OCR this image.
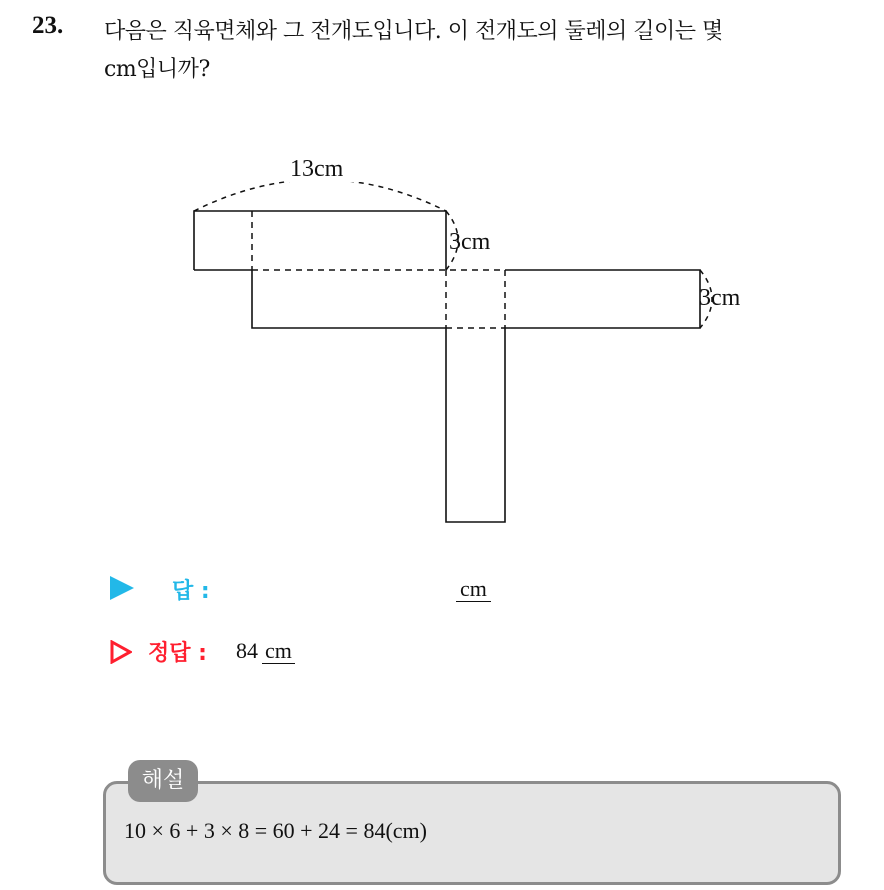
23. 다음은 직육면체와 그 전개도입니다. 이 전개도의 둘레의 길이는 몇
cm입니까?
13cm
3cm
3cm
답 :	cm
정답 : 84 cm
해설
10 × 6 + 3 × 8 = 60 + 24 = 84(cm)
